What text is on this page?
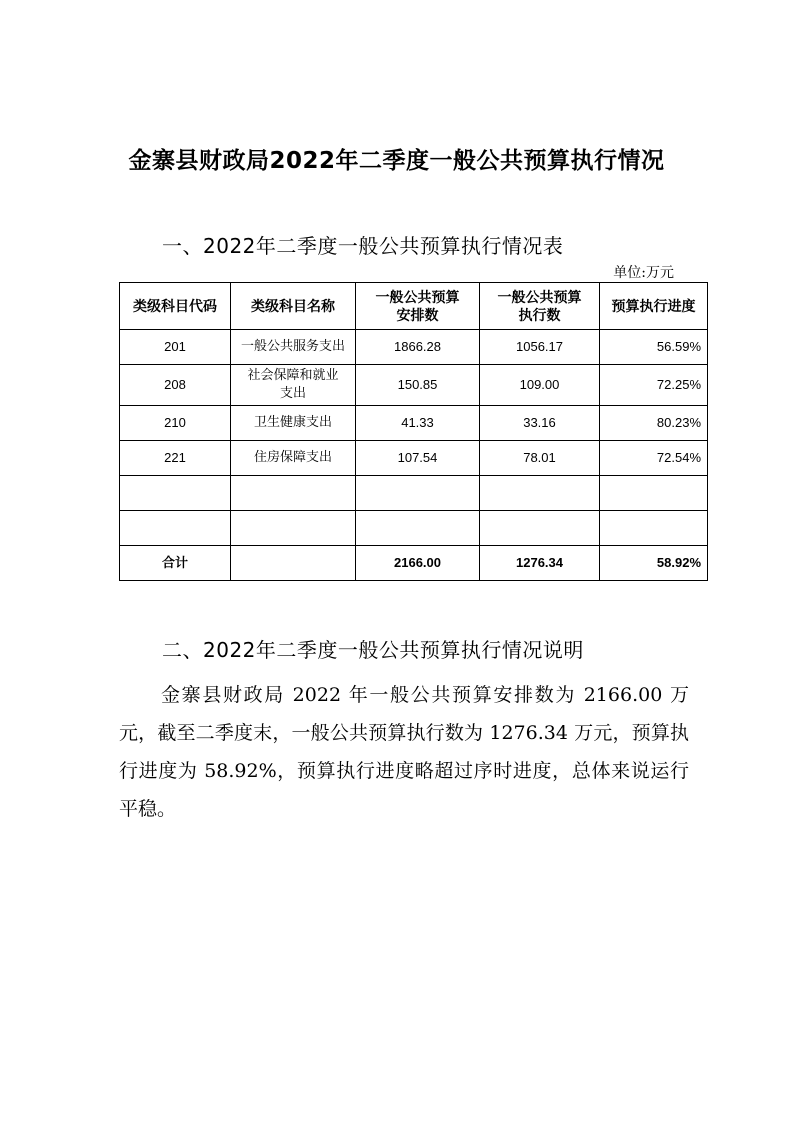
金寨县财政局2022年二季度一般公共预算执行情况
一、2022年二季度一般公共预算执行情况表
单位:万元
类级科目代码	类级科目名称	一般公共预算安排数	一般公共预算执行数	预算执行进度
201	一般公共服务支出	1866.28	1056.17	56.59%
208	社会保障和就业支出	150.85	109.00	72.25%
210	卫生健康支出	41.33	33.16	80.23%
221	住房保障支出	107.54	78.01	72.54%

合计		2166.00	1276.34	58.92%
二、2022年二季度一般公共预算执行情况说明

金寨县财政局 2022 年一般公共预算安排数为 2166.00 万元，截至二季度末，一般公共预算执行数为 1276.34 万元，预算执行进度为 58.92%，预算执行进度略超过序时进度，总体来说运行平稳。
